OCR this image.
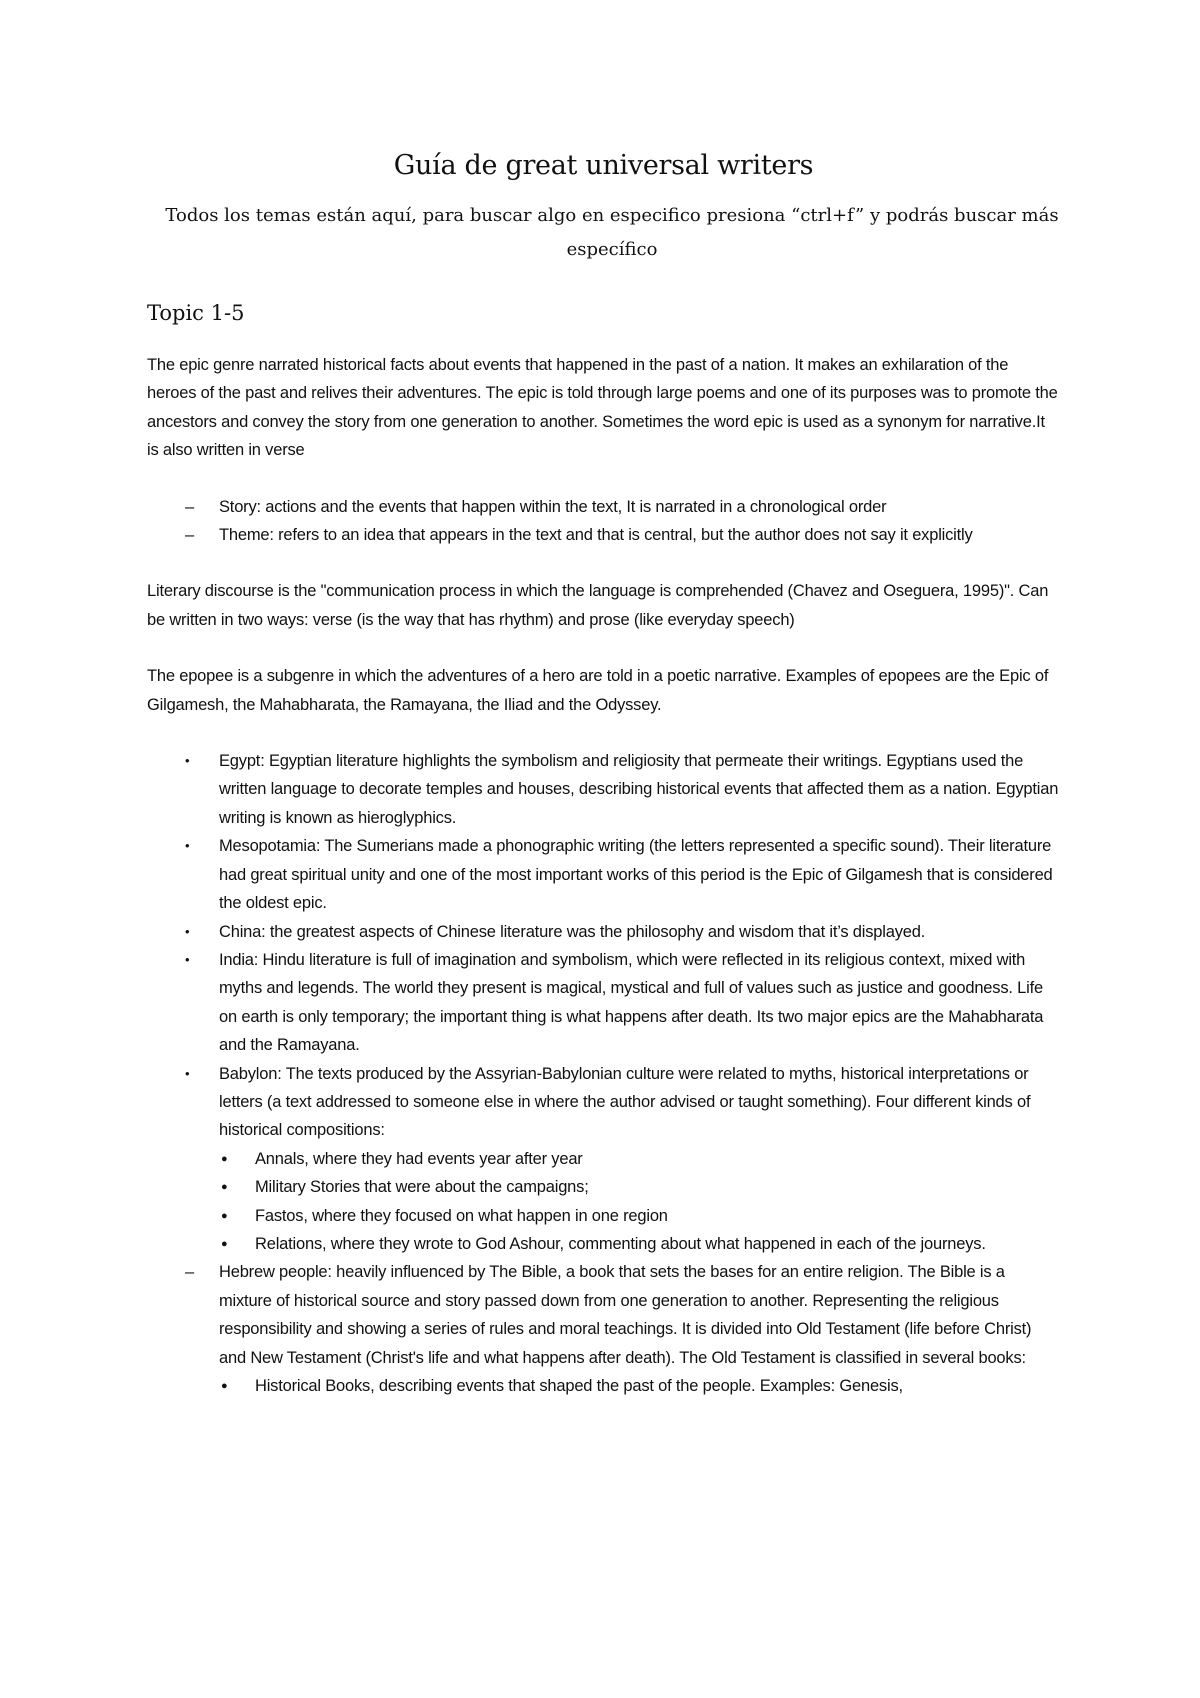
Guía de great universal writers
Todos los temas están aquí, para buscar algo en especifico presiona “ctrl+f” y podrás buscar más específico
Topic 1-5

The epic genre narrated historical facts about events that happened in the past of a nation. It makes an exhilaration of the heroes of the past and relives their adventures. The epic is told through large poems and one of its purposes was to promote the ancestors and convey the story from one generation to another. Sometimes the word epic is used as a synonym for narrative.It is also written in verse

– Story: actions and the events that happen within the text, It is narrated in a chronological order
– Theme: refers to an idea that appears in the text and that is central, but the author does not say it explicitly

Literary discourse is the "communication process in which the language is comprehended (Chavez and Oseguera, 1995)". Can be written in two ways: verse (is the way that has rhythm) and prose (like everyday speech)

The epopee is a subgenre in which the adventures of a hero are told in a poetic narrative. Examples of epopees are the Epic of Gilgamesh, the Mahabharata, the Ramayana, the Iliad and the Odyssey.

• Egypt: Egyptian literature highlights the symbolism and religiosity that permeate their writings. Egyptians used the written language to decorate temples and houses, describing historical events that affected them as a nation. Egyptian writing is known as hieroglyphics.
• Mesopotamia: The Sumerians made a phonographic writing (the letters represented a specific sound). Their literature had great spiritual unity and one of the most important works of this period is the Epic of Gilgamesh that is considered the oldest epic.
• China: the greatest aspects of Chinese literature was the philosophy and wisdom that it’s displayed.
• India: Hindu literature is full of imagination and symbolism, which were reflected in its religious context, mixed with myths and legends. The world they present is magical, mystical and full of values such as justice and goodness. Life on earth is only temporary; the important thing is what happens after death. Its two major epics are the Mahabharata and the Ramayana.
• Babylon: The texts produced by the Assyrian-Babylonian culture were related to myths, historical interpretations or letters (a text addressed to someone else in where the author advised or taught something). Four different kinds of historical compositions:
● Annals, where they had events year after year
● Military Stories that were about the campaigns;
● Fastos, where they focused on what happen in one region
● Relations, where they wrote to God Ashour, commenting about what happened in each of the journeys.
– Hebrew people: heavily influenced by The Bible, a book that sets the bases for an entire religion. The Bible is a mixture of historical source and story passed down from one generation to another. Representing the religious responsibility and showing a series of rules and moral teachings. It is divided into Old Testament (life before Christ) and New Testament (Christ's life and what happens after death). The Old Testament is classified in several books:
● Historical Books, describing events that shaped the past of the people. Examples: Genesis,
